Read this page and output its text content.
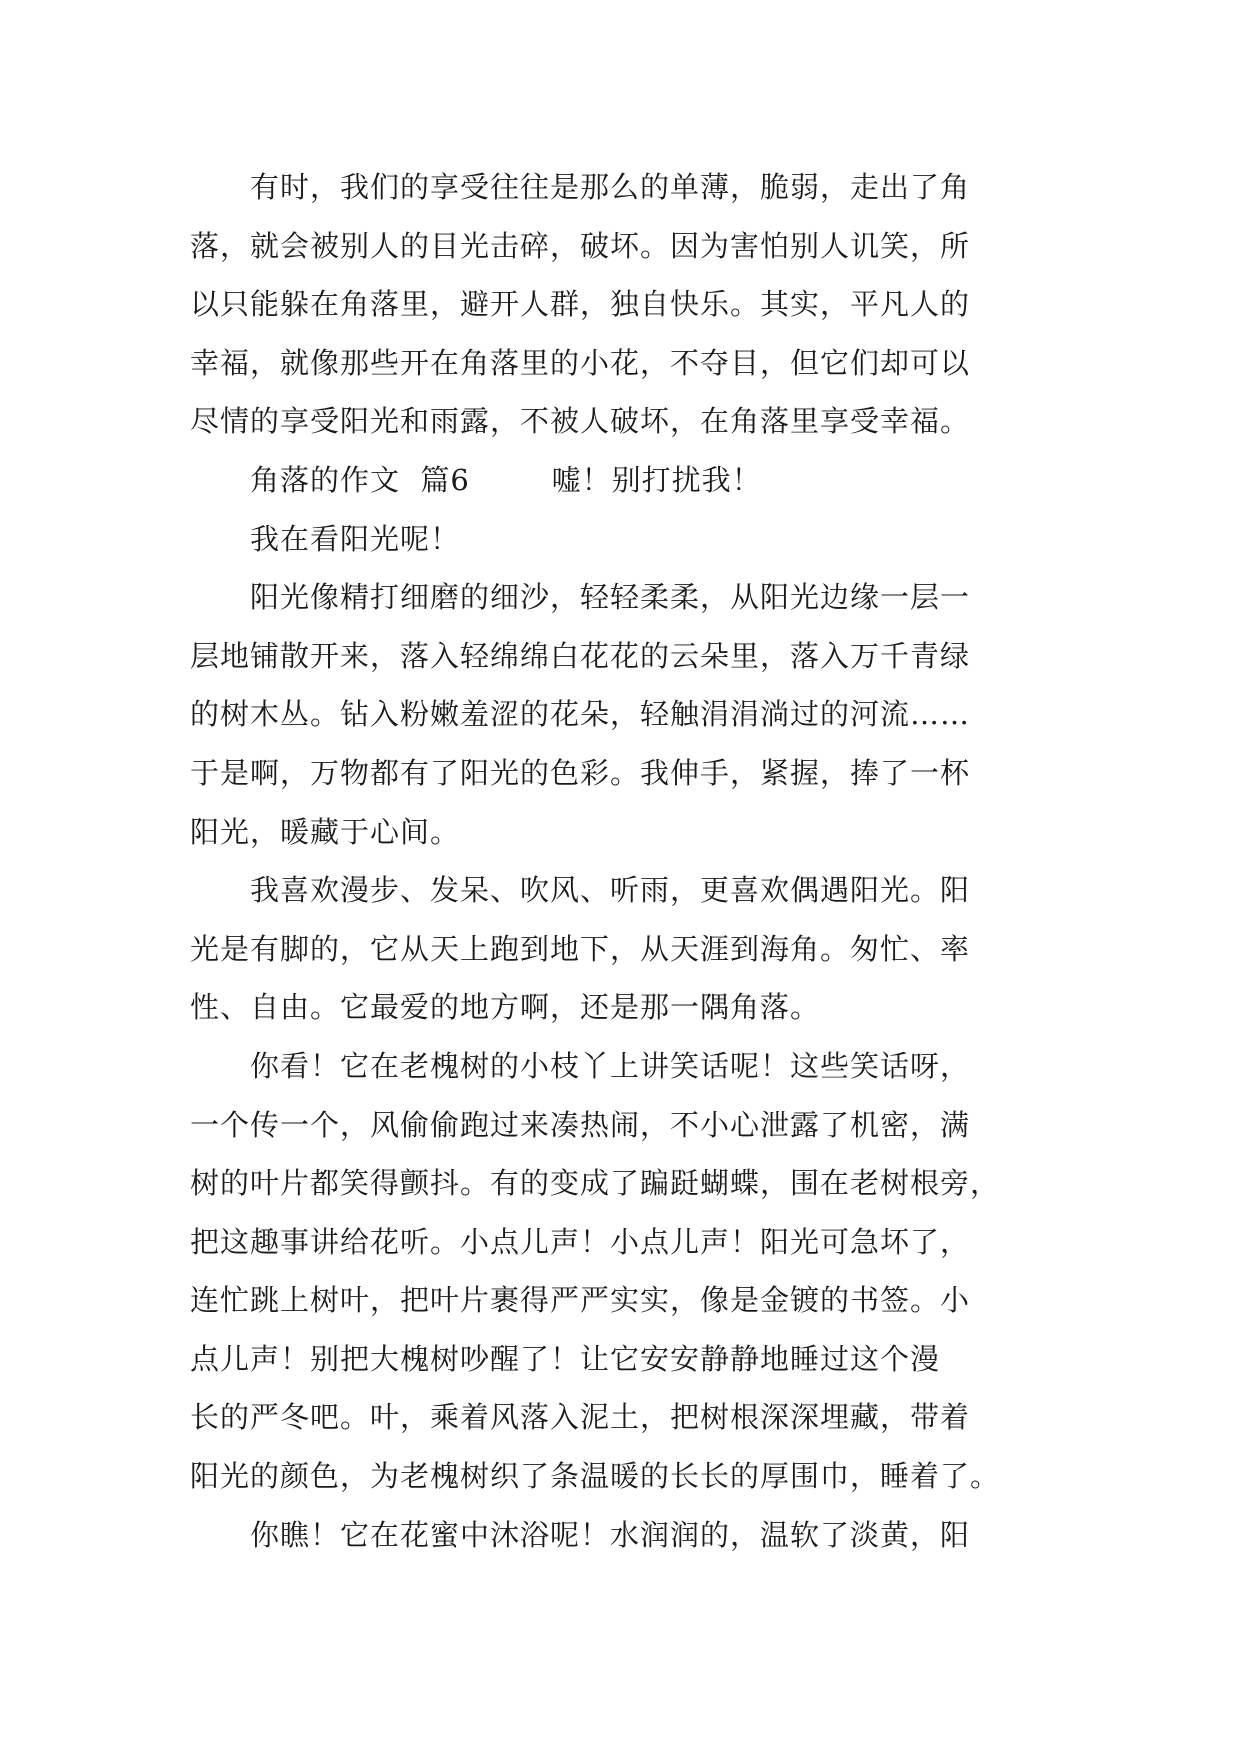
有时，我们的享受往往是那么的单薄，脆弱，走出了角
落，就会被别人的目光击碎，破坏。因为害怕别人讥笑，所
以只能躲在角落里，避开人群，独自快乐。其实，平凡人的
幸福，就像那些开在角落里的小花，不夺目，但它们却可以
尽情的享受阳光和雨露，不被人破坏，在角落里享受幸福。
角落的作文  篇6        嘘！别打扰我！
我在看阳光呢！
阳光像精打细磨的细沙，轻轻柔柔，从阳光边缘一层一
层地铺散开来，落入轻绵绵白花花的云朵里，落入万千青绿
的树木丛。钻入粉嫩羞涩的花朵，轻触涓涓淌过的河流……
于是啊，万物都有了阳光的色彩。我伸手，紧握，捧了一杯
阳光，暖藏于心间。
我喜欢漫步、发呆、吹风、听雨，更喜欢偶遇阳光。阳
光是有脚的，它从天上跑到地下，从天涯到海角。匆忙、率
性、自由。它最爱的地方啊，还是那一隅角落。
你看！它在老槐树的小枝丫上讲笑话呢！这些笑话呀，
一个传一个，风偷偷跑过来凑热闹，不小心泄露了机密，满
树的叶片都笑得颤抖。有的变成了蹁跹蝴蝶，围在老树根旁，
把这趣事讲给花听。小点儿声！小点儿声！阳光可急坏了，
连忙跳上树叶，把叶片裹得严严实实，像是金镀的书签。小
点儿声！别把大槐树吵醒了！让它安安静静地睡过这个漫
长的严冬吧。叶，乘着风落入泥土，把树根深深埋藏，带着
阳光的颜色，为老槐树织了条温暖的长长的厚围巾，睡着了。
你瞧！它在花蜜中沐浴呢！水润润的，温软了淡黄，阳
